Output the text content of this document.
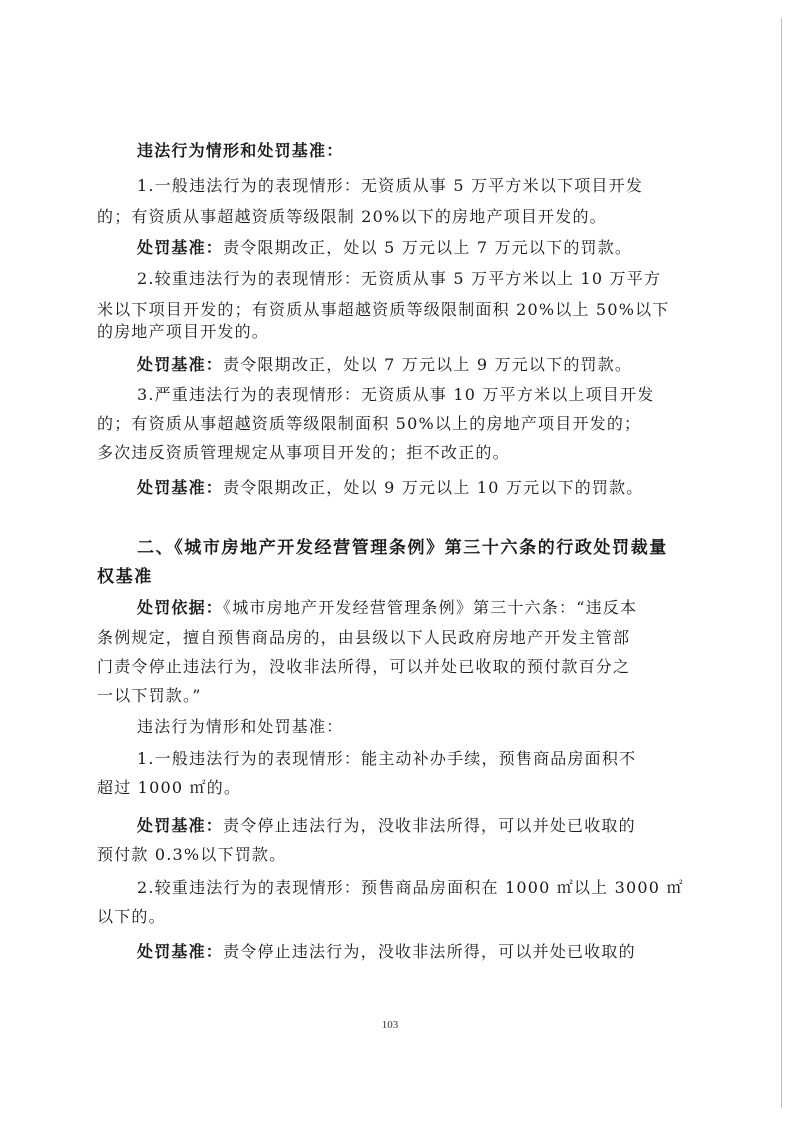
违法行为情形和处罚基准：
1.一般违法行为的表现情形：无资质从事 5 万平方米以下项目开发
的；有资质从事超越资质等级限制 20%以下的房地产项目开发的。
处罚基准：责令限期改正，处以 5 万元以上 7 万元以下的罚款。
2.较重违法行为的表现情形：无资质从事 5 万平方米以上 10 万平方
米以下项目开发的；有资质从事超越资质等级限制面积 20%以上 50%以下
的房地产项目开发的。
处罚基准：责令限期改正，处以 7 万元以上 9 万元以下的罚款。
3.严重违法行为的表现情形：无资质从事 10 万平方米以上项目开发
的；有资质从事超越资质等级限制面积 50%以上的房地产项目开发的；
多次违反资质管理规定从事项目开发的；拒不改正的。
处罚基准：责令限期改正，处以 9 万元以上 10 万元以下的罚款。
二、《城市房地产开发经营管理条例》第三十六条的行政处罚裁量
权基准
处罚依据：《城市房地产开发经营管理条例》第三十六条：“违反本
条例规定，擅自预售商品房的，由县级以下人民政府房地产开发主管部
门责令停止违法行为，没收非法所得，可以并处已收取的预付款百分之
一以下罚款。”
违法行为情形和处罚基准：
1.一般违法行为的表现情形：能主动补办手续，预售商品房面积不
超过 1000 ㎡的。
处罚基准：责令停止违法行为，没收非法所得，可以并处已收取的
预付款 0.3%以下罚款。
2.较重违法行为的表现情形：预售商品房面积在 1000 ㎡以上 3000 ㎡
以下的。
处罚基准：责令停止违法行为，没收非法所得，可以并处已收取的
103
